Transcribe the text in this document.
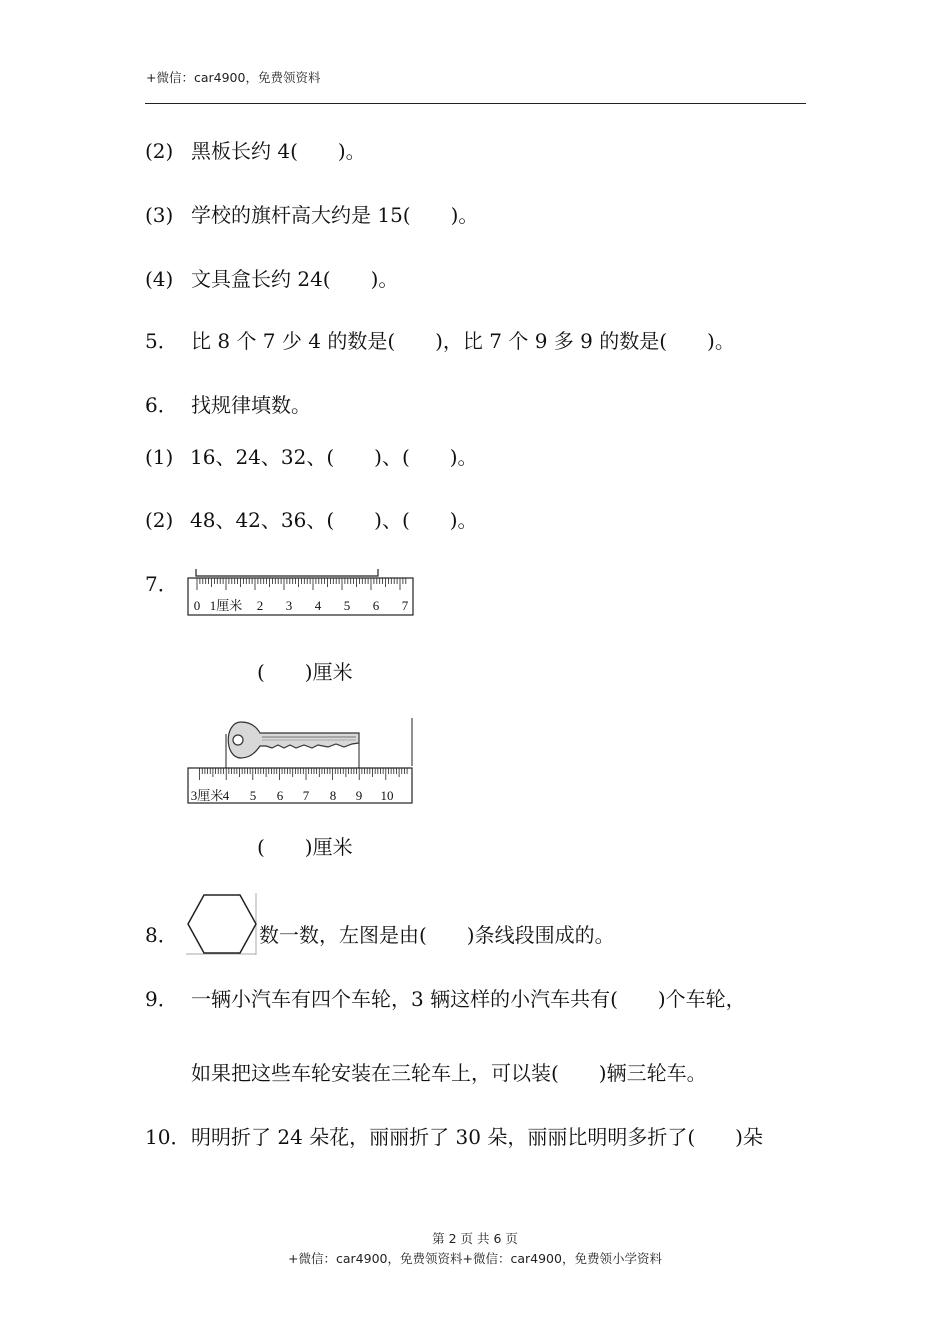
+微信：car4900，免费领资料
(2) 黑板长约 4(　　)。
(3) 学校的旗杆高大约是 15(　　)。
(4) 文具盒长约 24(　　)。
5． 比 8 个 7 少 4 的数是(　　)，比 7 个 9 多 9 的数是(　　)。
6． 找规律填数。
(1) 16、24、32、(　　)、(　　)。
(2) 48、42、36、(　　)、(　　)。
7．
0 1厘米 2 3 4 5 6 7
(　　)厘米
3厘米 4 5 6 7 8 9 10
(　　)厘米
8．	数一数，左图是由(　　)条线段围成的。
9． 一辆小汽车有四个车轮，3 辆这样的小汽车共有(　　)个车轮，
如果把这些车轮安装在三轮车上，可以装(　　)辆三轮车。
10．明明折了 24 朵花，丽丽折了 30 朵，丽丽比明明多折了(　　)朵
第 2 页 共 6 页
+微信：car4900，免费领资料+微信：car4900，免费领小学资料
